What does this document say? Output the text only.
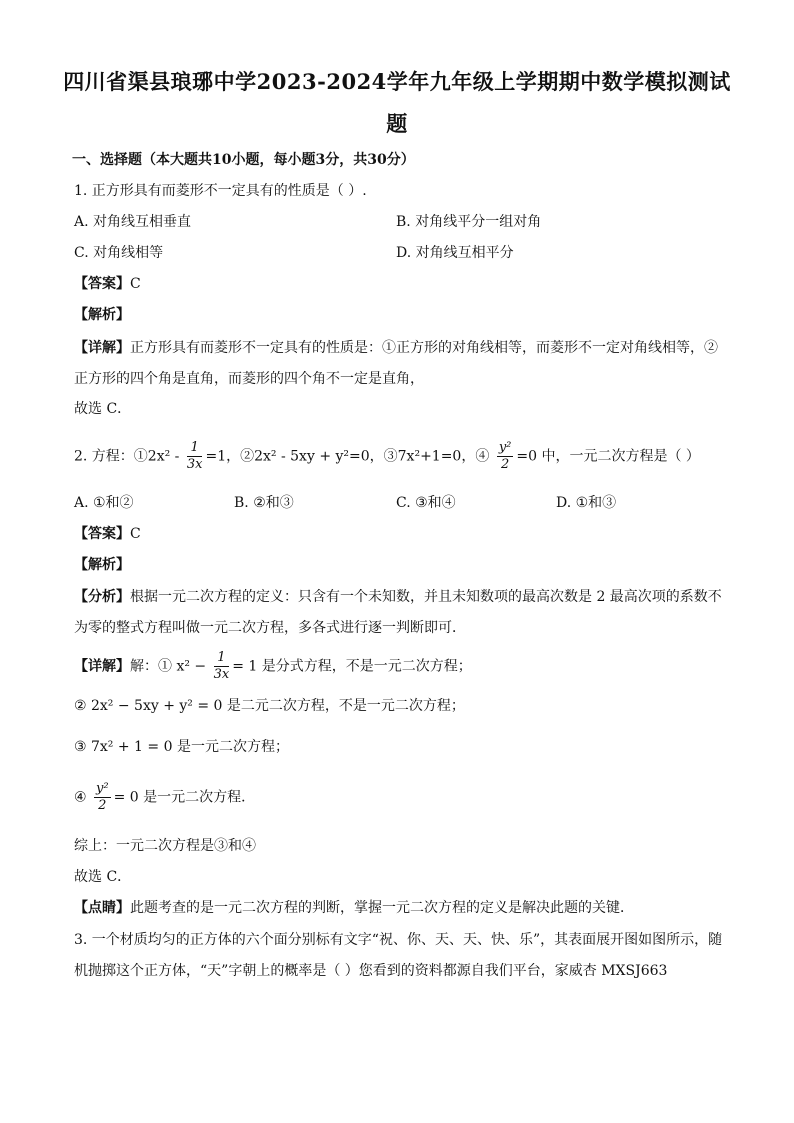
四川省渠县琅琊中学2023-2024学年九年级上学期期中数学模拟测试
题
一、选择题（本大题共10小题，每小题3分，共30分）
1. 正方形具有而菱形不一定具有的性质是（ ）.
A. 对角线互相垂直	B. 对角线平分一组对角
C. 对角线相等	D. 对角线互相平分
【答案】C
【解析】
【详解】正方形具有而菱形不一定具有的性质是：①正方形的对角线相等，而菱形不一定对角线相等，②
正方形的四个角是直角，而菱形的四个角不一定是直角，
故选 C．
2. 方程：①2x² - $\frac{1}{3x} =1$，②2x² - 5xy + y²=0，③7x²+1=0，④ $\frac{\text{y²}}{2} =0$ 中，一元二次方程是（ ）
A. ①和②	B. ②和③	C. ③和④	D. ①和③
【答案】C
【解析】
【分析】根据一元二次方程的定义：只含有一个未知数，并且未知数项的最高次数是 2 最高次项的系数不
为零的整式方程叫做一元二次方程，多各式进行逐一判断即可．
【详解】解：① $x^2 - \frac{1}{3x} = 1$ 是分式方程，不是一元二次方程；
② 2x² − 5xy + y² = 0 是二元二次方程，不是一元二次方程；
③ 7x² + 1 = 0 是一元二次方程；
④ $\frac{\text{y²}}{2} = 0$ 是一元二次方程．
综上：一元二次方程是③和④
故选 C．
【点睛】此题考查的是一元二次方程的判断，掌握一元二次方程的定义是解决此题的关键．
3. 一个材质均匀的正方体的六个面分别标有文字“祝、你、天、天、快、乐”，其表面展开图如图所示，随
机抛掷这个正方体，“天”字朝上的概率是（ ）您看到的资料都源自我们平台，家威杏 MXSJ663
